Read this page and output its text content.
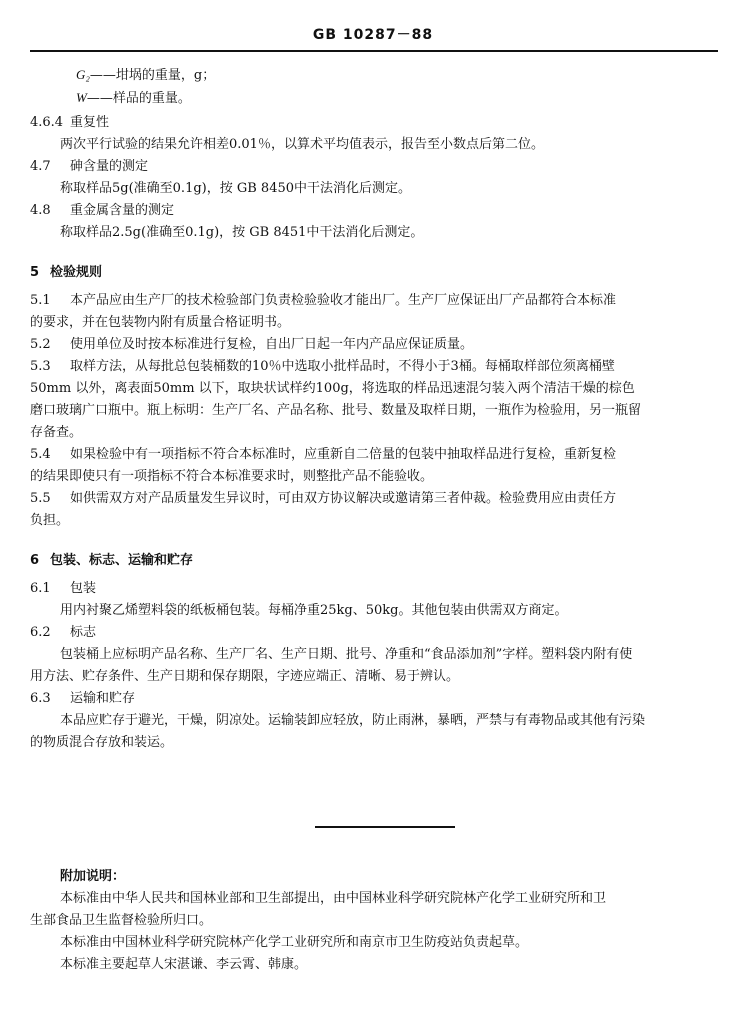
GB 10287－88
G₂——坩埚的重量，g；
W——样品的重量。
4.6.4 重复性
两次平行试验的结果允许相差0.01％，以算术平均值表示，报告至小数点后第二位。
4.7	砷含量的测定
称取样品5g(准确至0.1g)，按 GB 8450中干法消化后测定。
4.8	重金属含量的测定
称取样品2.5g(准确至0.1g)，按 GB 8451中干法消化后测定。
5 检验规则
5.1 本产品应由生产厂的技术检验部门负责检验验收才能出厂。生产厂应保证出厂产品都符合本标准
的要求，并在包装物内附有质量合格证明书。
5.2 使用单位及时按本标准进行复检，自出厂日起一年内产品应保证质量。
5.3 取样方法，从每批总包装桶数的10％中选取小批样品时，不得小于3桶。每桶取样部位须离桶壁
50mm 以外，离表面50mm 以下，取块状试样约100g，将选取的样品迅速混匀装入两个清洁干燥的棕色
磨口玻璃广口瓶中。瓶上标明：生产厂名、产品名称、批号、数量及取样日期，一瓶作为检验用，另一瓶留
存备查。
5.4 如果检验中有一项指标不符合本标准时，应重新自二倍量的包装中抽取样品进行复检，重新复检
的结果即使只有一项指标不符合本标准要求时，则整批产品不能验收。
5.5 如供需双方对产品质量发生异议时，可由双方协议解决或邀请第三者仲裁。检验费用应由责任方
负担。
6 包装、标志、运输和贮存
6.1	包装
用内衬聚乙烯塑料袋的纸板桶包装。每桶净重25kg、50kg。其他包装由供需双方商定。
6.2	标志
包装桶上应标明产品名称、生产厂名、生产日期、批号、净重和“食品添加剂”字样。塑料袋内附有使
用方法、贮存条件、生产日期和保存期限，字迹应端正、清晰、易于辨认。
6.3	运输和贮存
本品应贮存于避光，干燥，阴凉处。运输装卸应轻放，防止雨淋，暴晒，严禁与有毒物品或其他有污染
的物质混合存放和装运。
附加说明：
本标准由中华人民共和国林业部和卫生部提出，由中国林业科学研究院林产化学工业研究所和卫
生部食品卫生监督检验所归口。
本标准由中国林业科学研究院林产化学工业研究所和南京市卫生防疫站负责起草。
本标准主要起草人宋湛谦、李云霄、韩康。
